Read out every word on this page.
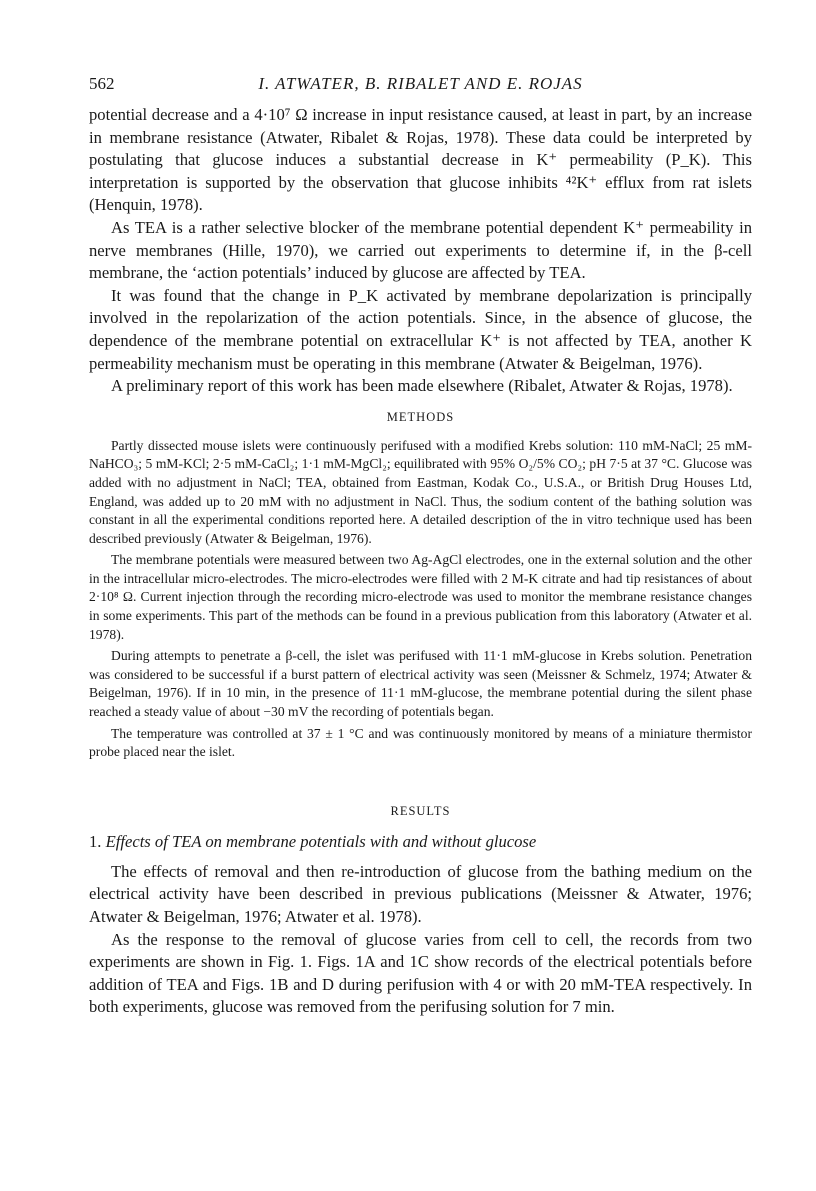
562	I. ATWATER, B. RIBALET AND E. ROJAS

potential decrease and a 4·10⁷ Ω increase in input resistance caused, at least in part, by an increase in membrane resistance (Atwater, Ribalet & Rojas, 1978). These data could be interpreted by postulating that glucose induces a substantial decrease in K⁺ permeability (P_K). This interpretation is supported by the observation that glucose inhibits ⁴²K⁺ efflux from rat islets (Henquin, 1978).

As TEA is a rather selective blocker of the membrane potential dependent K⁺ permeability in nerve membranes (Hille, 1970), we carried out experiments to determine if, in the β-cell membrane, the ‘action potentials’ induced by glucose are affected by TEA.

It was found that the change in P_K activated by membrane depolarization is principally involved in the repolarization of the action potentials. Since, in the absence of glucose, the dependence of the membrane potential on extracellular K⁺ is not affected by TEA, another K permeability mechanism must be operating in this membrane (Atwater & Beigelman, 1976).

A preliminary report of this work has been made elsewhere (Ribalet, Atwater & Rojas, 1978).

METHODS

Partly dissected mouse islets were continuously perifused with a modified Krebs solution: 110 mM-NaCl; 25 mM-NaHCO₃; 5 mM-KCl; 2·5 mM-CaCl₂; 1·1 mM-MgCl₂; equilibrated with 95% O₂/5% CO₂; pH 7·5 at 37 °C. Glucose was added with no adjustment in NaCl; TEA, obtained from Eastman, Kodak Co., U.S.A., or British Drug Houses Ltd, England, was added up to 20 mM with no adjustment in NaCl. Thus, the sodium content of the bathing solution was constant in all the experimental conditions reported here. A detailed description of the in vitro technique used has been described previously (Atwater & Beigelman, 1976).

The membrane potentials were measured between two Ag-AgCl electrodes, one in the external solution and the other in the intracellular micro-electrodes. The micro-electrodes were filled with 2 M-K citrate and had tip resistances of about 2·10⁸ Ω. Current injection through the recording micro-electrode was used to monitor the membrane resistance changes in some experiments. This part of the methods can be found in a previous publication from this laboratory (Atwater et al. 1978).

During attempts to penetrate a β-cell, the islet was perifused with 11·1 mM-glucose in Krebs solution. Penetration was considered to be successful if a burst pattern of electrical activity was seen (Meissner & Schmelz, 1974; Atwater & Beigelman, 1976). If in 10 min, in the presence of 11·1 mM-glucose, the membrane potential during the silent phase reached a steady value of about −30 mV the recording of potentials began.

The temperature was controlled at 37 ± 1 °C and was continuously monitored by means of a miniature thermistor probe placed near the islet.

RESULTS
1. Effects of TEA on membrane potentials with and without glucose

The effects of removal and then re-introduction of glucose from the bathing medium on the electrical activity have been described in previous publications (Meissner & Atwater, 1976; Atwater & Beigelman, 1976; Atwater et al. 1978).

As the response to the removal of glucose varies from cell to cell, the records from two experiments are shown in Fig. 1. Figs. 1A and 1C show records of the electrical potentials before addition of TEA and Figs. 1B and D during perifusion with 4 or with 20 mM-TEA respectively. In both experiments, glucose was removed from the perifusing solution for 7 min.
